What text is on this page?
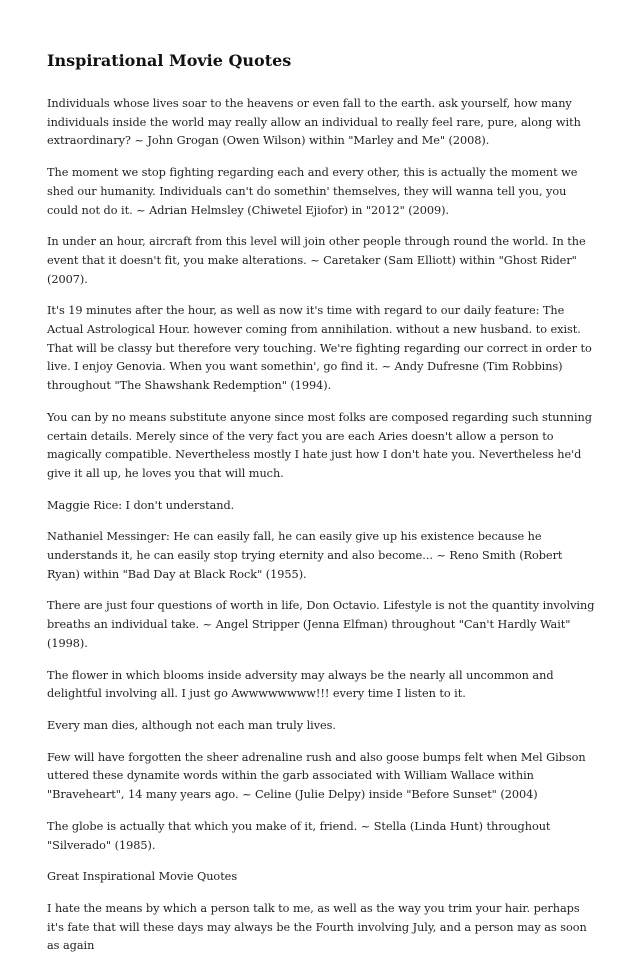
Inspirational Movie Quotes

Individuals whose lives soar to the heavens or even fall to the earth. ask yourself, how many individuals inside the world may really allow an individual to really feel rare, pure, along with extraordinary? ~ John Grogan (Owen Wilson) within "Marley and Me" (2008).

The moment we stop fighting regarding each and every other, this is actually the moment we shed our humanity. Individuals can't do somethin' themselves, they will wanna tell you, you could not do it. ~ Adrian Helmsley (Chiwetel Ejiofor) in "2012" (2009).

In under an hour, aircraft from this level will join other people through round the world. In the event that it doesn't fit, you make alterations. ~ Caretaker (Sam Elliott) within "Ghost Rider" (2007).

It's 19 minutes after the hour, as well as now it's time with regard to our daily feature: The Actual Astrological Hour. however coming from annihilation. without a new husband. to exist. That will be classy but therefore very touching. We're fighting regarding our correct in order to live. I enjoy Genovia. When you want somethin', go find it. ~ Andy Dufresne (Tim Robbins) throughout "The Shawshank Redemption" (1994).

You can by no means substitute anyone since most folks are composed regarding such stunning certain details. Merely since of the very fact you are each Aries doesn't allow a person to magically compatible. Nevertheless mostly I hate just how I don't hate you. Nevertheless he'd give it all up, he loves you that will much.

Maggie Rice: I don't understand.

Nathaniel Messinger: He can easily fall, he can easily give up his existence because he understands it, he can easily stop trying eternity and also become... ~ Reno Smith (Robert Ryan) within "Bad Day at Black Rock" (1955).

There are just four questions of worth in life, Don Octavio. Lifestyle is not the quantity involving breaths an individual take. ~ Angel Stripper (Jenna Elfman) throughout "Can't Hardly Wait" (1998).

The flower in which blooms inside adversity may always be the nearly all uncommon and delightful involving all. I just go Awwwwwwww!!! every time I listen to it.

Every man dies, although not each man truly lives.

Few will have forgotten the sheer adrenaline rush and also goose bumps felt when Mel Gibson uttered these dynamite words within the garb associated with William Wallace within "Braveheart", 14 many years ago. ~ Celine (Julie Delpy) inside "Before Sunset" (2004)

The globe is actually that which you make of it, friend. ~ Stella (Linda Hunt) throughout "Silverado" (1985).

Great Inspirational Movie Quotes

I hate the means by which a person talk to me, as well as the way you trim your hair. perhaps it's fate that will these days may always be the Fourth involving July, and a person may as soon as again
